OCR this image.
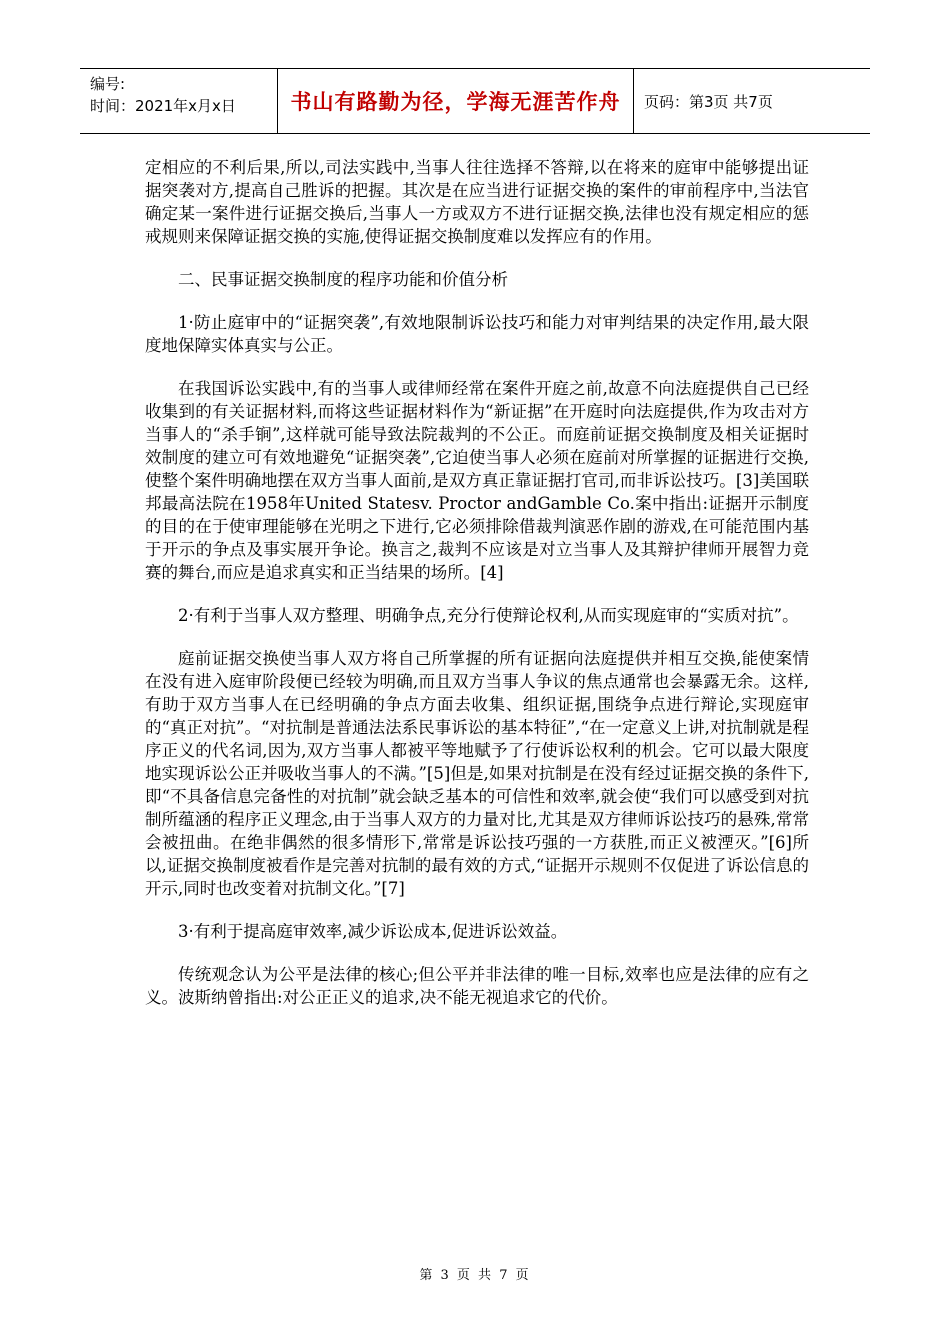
编号:
时间：2021年x月x日	书山有路勤为径，学海无涯苦作舟	页码：第3页 共7页

定相应的不利后果,所以,司法实践中,当事人往往选择不答辩,以在将来的庭审中能够提出证据突袭对方,提高自己胜诉的把握。其次是在应当进行证据交换的案件的审前程序中,当法官确定某一案件进行证据交换后,当事人一方或双方不进行证据交换,法律也没有规定相应的惩戒规则来保障证据交换的实施,使得证据交换制度难以发挥应有的作用。

二、民事证据交换制度的程序功能和价值分析

1·防止庭审中的“证据突袭”,有效地限制诉讼技巧和能力对审判结果的决定作用,最大限度地保障实体真实与公正。

在我国诉讼实践中,有的当事人或律师经常在案件开庭之前,故意不向法庭提供自己已经收集到的有关证据材料,而将这些证据材料作为“新证据”在开庭时向法庭提供,作为攻击对方当事人的“杀手锏”,这样就可能导致法院裁判的不公正。而庭前证据交换制度及相关证据时效制度的建立可有效地避免“证据突袭”,它迫使当事人必须在庭前对所掌握的证据进行交换,使整个案件明确地摆在双方当事人面前,是双方真正靠证据打官司,而非诉讼技巧。[3]美国联邦最高法院在1958年United Statesv. Proctor andGamble Co.案中指出:证据开示制度的目的在于使审理能够在光明之下进行,它必须排除借裁判演恶作剧的游戏,在可能范围内基于开示的争点及事实展开争论。换言之,裁判不应该是对立当事人及其辩护律师开展智力竞赛的舞台,而应是追求真实和正当结果的场所。[4]

2·有利于当事人双方整理、明确争点,充分行使辩论权利,从而实现庭审的“实质对抗”。

庭前证据交换使当事人双方将自己所掌握的所有证据向法庭提供并相互交换,能使案情在没有进入庭审阶段便已经较为明确,而且双方当事人争议的焦点通常也会暴露无余。这样,有助于双方当事人在已经明确的争点方面去收集、组织证据,围绕争点进行辩论,实现庭审的“真正对抗”。“对抗制是普通法法系民事诉讼的基本特征”,“在一定意义上讲,对抗制就是程序正义的代名词,因为,双方当事人都被平等地赋予了行使诉讼权利的机会。它可以最大限度地实现诉讼公正并吸收当事人的不满。”[5]但是,如果对抗制是在没有经过证据交换的条件下,即“不具备信息完备性的对抗制”就会缺乏基本的可信性和效率,就会使“我们可以感受到对抗制所蕴涵的程序正义理念,由于当事人双方的力量对比,尤其是双方律师诉讼技巧的悬殊,常常会被扭曲。在绝非偶然的很多情形下,常常是诉讼技巧强的一方获胜,而正义被湮灭。”[6]所以,证据交换制度被看作是完善对抗制的最有效的方式,“证据开示规则不仅促进了诉讼信息的开示,同时也改变着对抗制文化。”[7]

3·有利于提高庭审效率,减少诉讼成本,促进诉讼效益。

传统观念认为公平是法律的核心;但公平并非法律的唯一目标,效率也应是法律的应有之义。波斯纳曾指出:对公正正义的追求,决不能无视追求它的代价。

第 3 页 共 7 页
